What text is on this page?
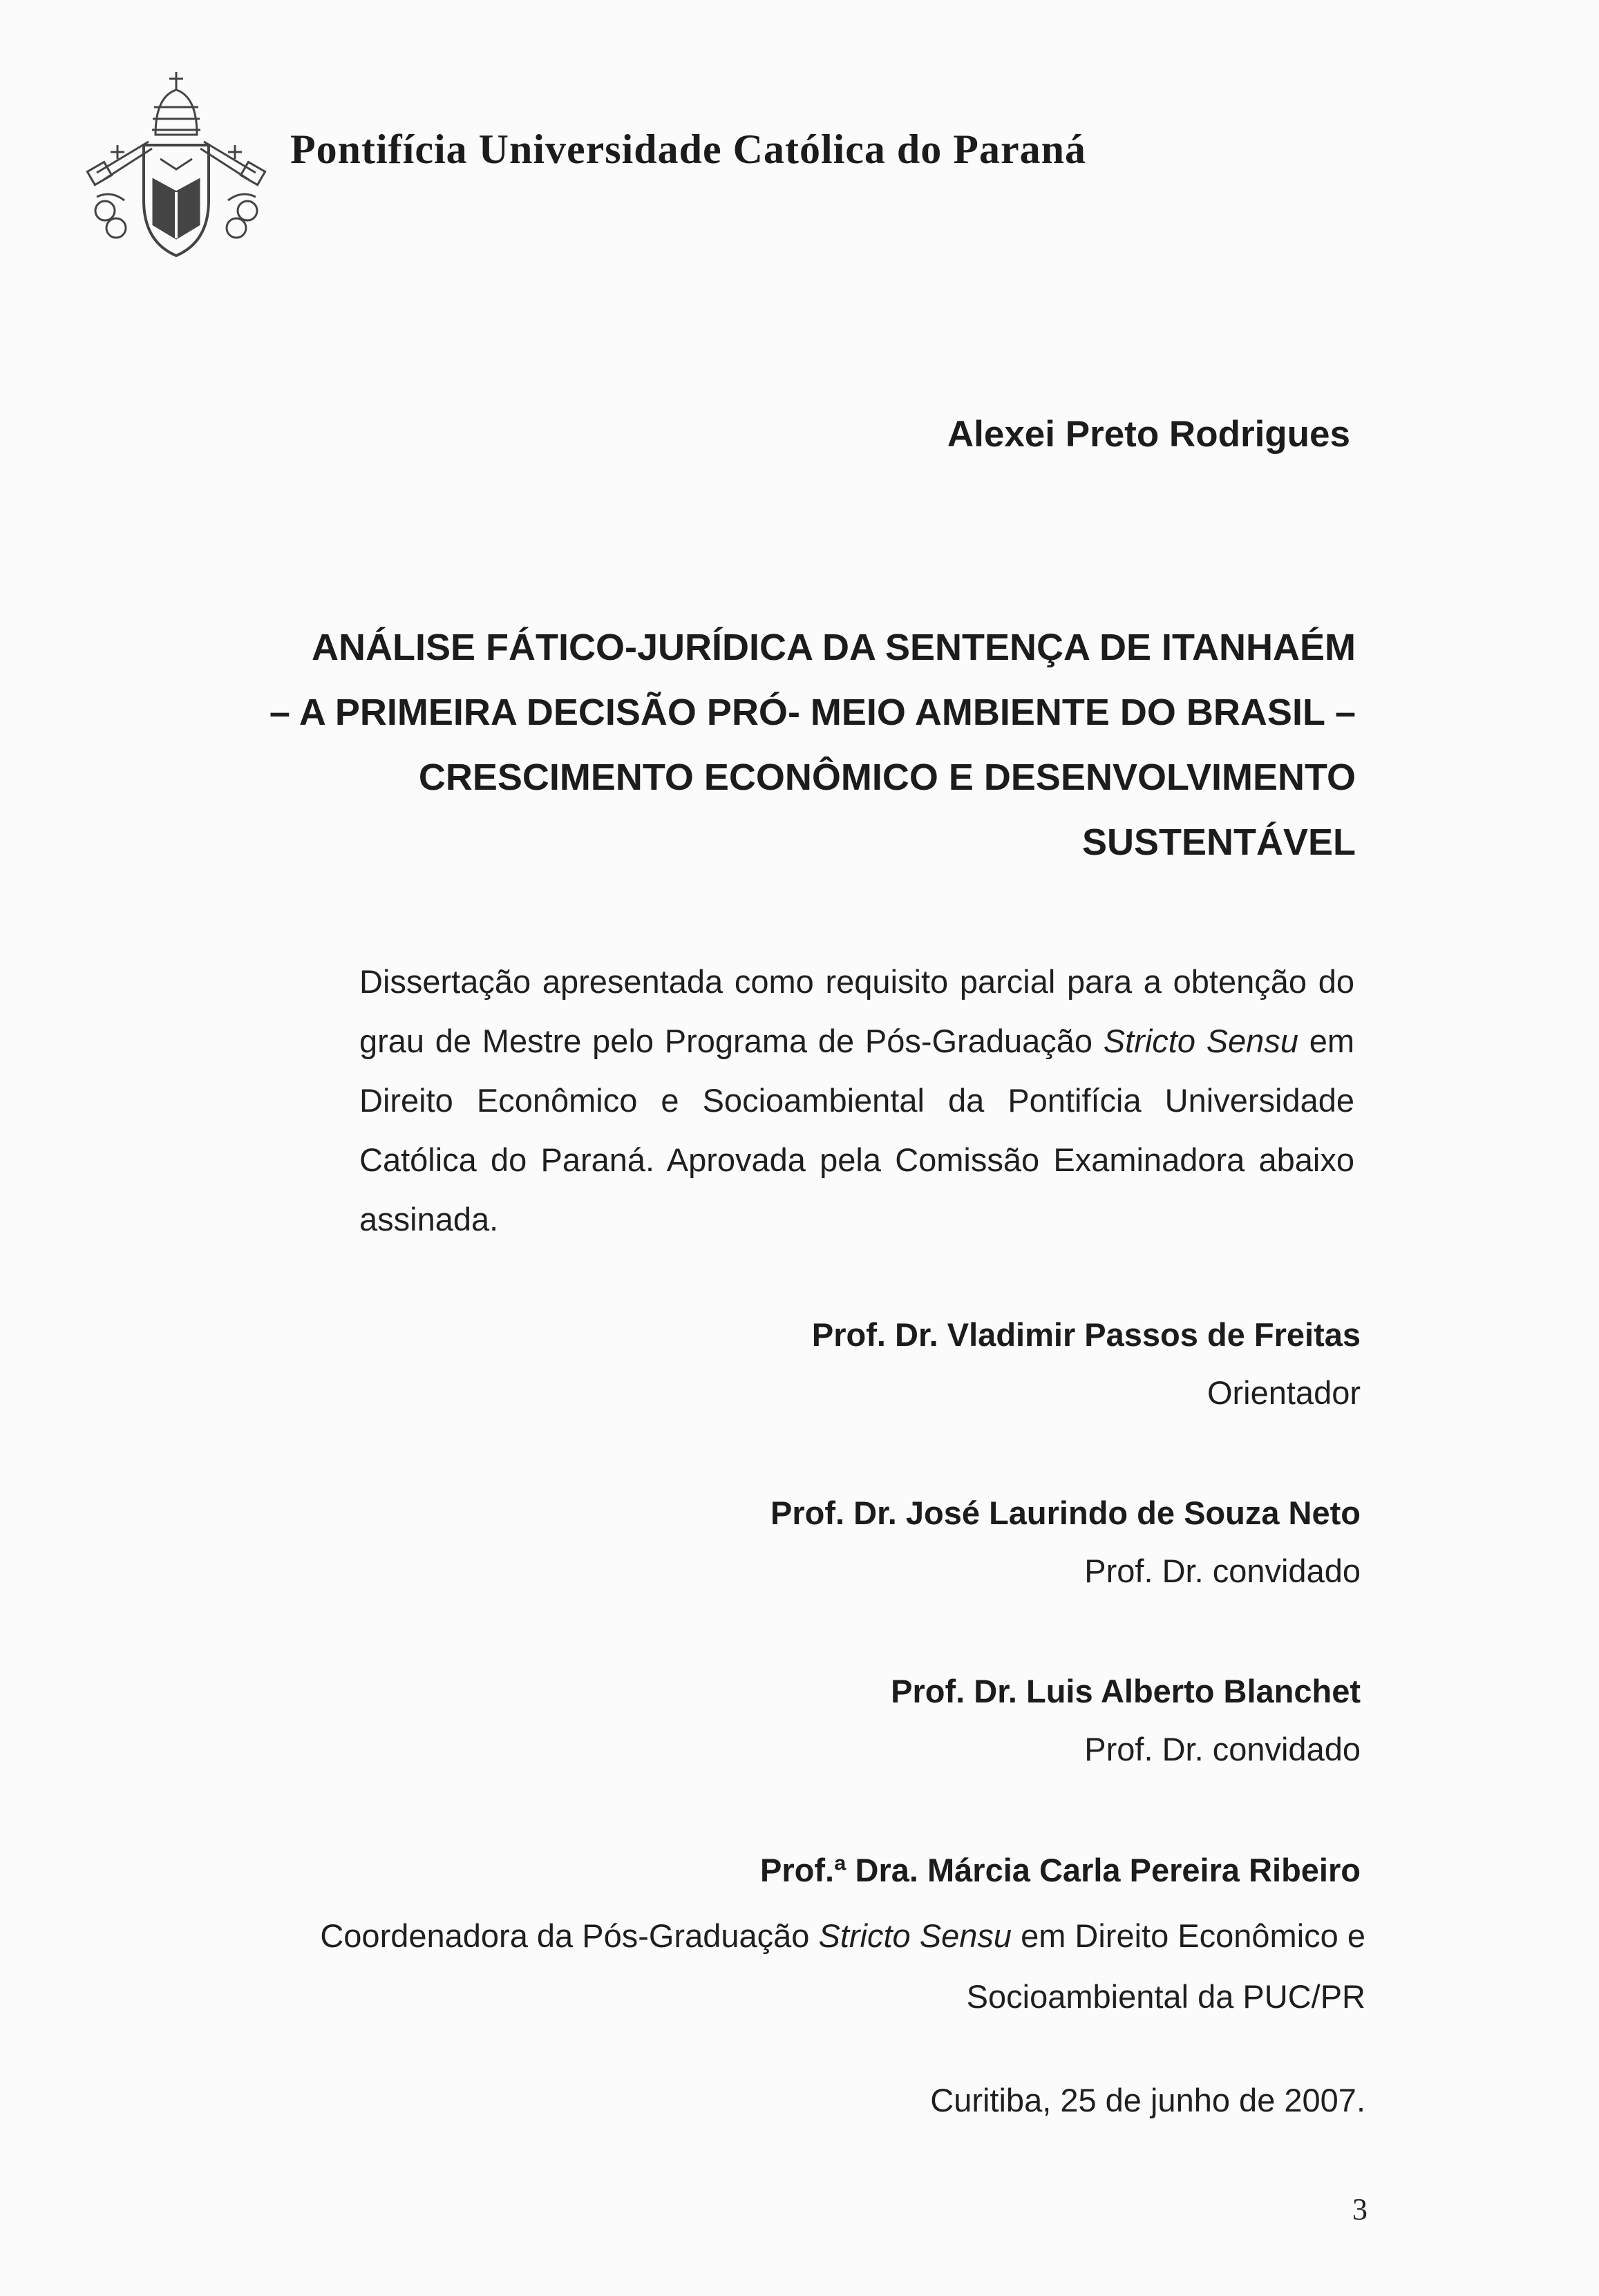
Pontifícia Universidade Católica do Paraná
Alexei Preto Rodrigues
ANÁLISE FÁTICO-JURÍDICA DA SENTENÇA DE ITANHAÉM
– A PRIMEIRA DECISÃO PRÓ- MEIO AMBIENTE DO BRASIL –
CRESCIMENTO ECONÔMICO E DESENVOLVIMENTO
SUSTENTÁVEL
Dissertação apresentada como requisito parcial para a obtenção do grau de Mestre pelo Programa de Pós-Graduação Stricto Sensu em Direito Econômico e Socioambiental da Pontifícia Universidade Católica do Paraná. Aprovada pela Comissão Examinadora abaixo assinada.
Prof. Dr. Vladimir Passos de Freitas
Orientador
Prof. Dr. José Laurindo de Souza Neto
Prof. Dr. convidado
Prof. Dr. Luis Alberto Blanchet
Prof. Dr. convidado
Prof.ª Dra. Márcia Carla Pereira Ribeiro
Coordenadora da Pós-Graduação Stricto Sensu em Direito Econômico e
Socioambiental da PUC/PR
Curitiba, 25 de junho de 2007.
3
